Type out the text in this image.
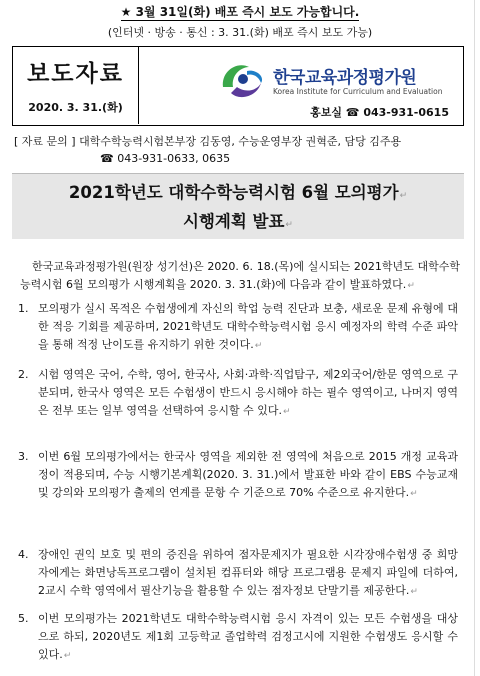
★ 3월 31일(화) 배포 즉시 보도 가능합니다.
(인터넷 · 방송 · 통신 : 3. 31.(화) 배포 즉시 보도 가능)
보도자료
2020. 3. 31.(화)
한국교육과정평가원
Korea Institute for Curriculum and Evaluation
홍보실 ☎ 043-931-0615
[ 자료 문의 ] 대학수학능력시험본부장 김동영, 수능운영부장 권혁준, 담당 김주용
☎ 043-931-0633, 0635
2021학년도 대학수학능력시험 6월 모의평가↵
시행계획 발표↵
한국교육과정평가원(원장 성기선)은 2020. 6. 18.(목)에 실시되는 2021학년도 대학수학능력시험 6월 모의평가 시행계획을 2020. 3. 31.(화)에 다음과 같이 발표하였다.↵
1. 모의평가 실시 목적은 수험생에게 자신의 학업 능력 진단과 보충, 새로운 문제 유형에 대한 적응 기회를 제공하며, 2021학년도 대학수학능력시험 응시 예정자의 학력 수준 파악을 통해 적정 난이도를 유지하기 위한 것이다.↵
2. 시험 영역은 국어, 수학, 영어, 한국사, 사회·과학·직업탐구, 제2외국어/한문 영역으로 구분되며, 한국사 영역은 모든 수험생이 반드시 응시해야 하는 필수 영역이고, 나머지 영역은 전부 또는 일부 영역을 선택하여 응시할 수 있다.↵
3. 이번 6월 모의평가에서는 한국사 영역을 제외한 전 영역에 처음으로 2015 개정 교육과정이 적용되며, 수능 시행기본계획(2020. 3. 31.)에서 발표한 바와 같이 EBS 수능교재 및 강의와 모의평가 출제의 연계를 문항 수 기준으로 70% 수준으로 유지한다.↵
4. 장애인 권익 보호 및 편의 증진을 위하여 점자문제지가 필요한 시각장애수험생 중 희망자에게는 화면낭독프로그램이 설치된 컴퓨터와 해당 프로그램용 문제지 파일에 더하여, 2교시 수학 영역에서 필산기능을 활용할 수 있는 점자정보 단말기를 제공한다.↵
5. 이번 모의평가는 2021학년도 대학수학능력시험 응시 자격이 있는 모든 수험생을 대상으로 하되, 2020년도 제1회 고등학교 졸업학력 검정고시에 지원한 수험생도 응시할 수 있다.↵
